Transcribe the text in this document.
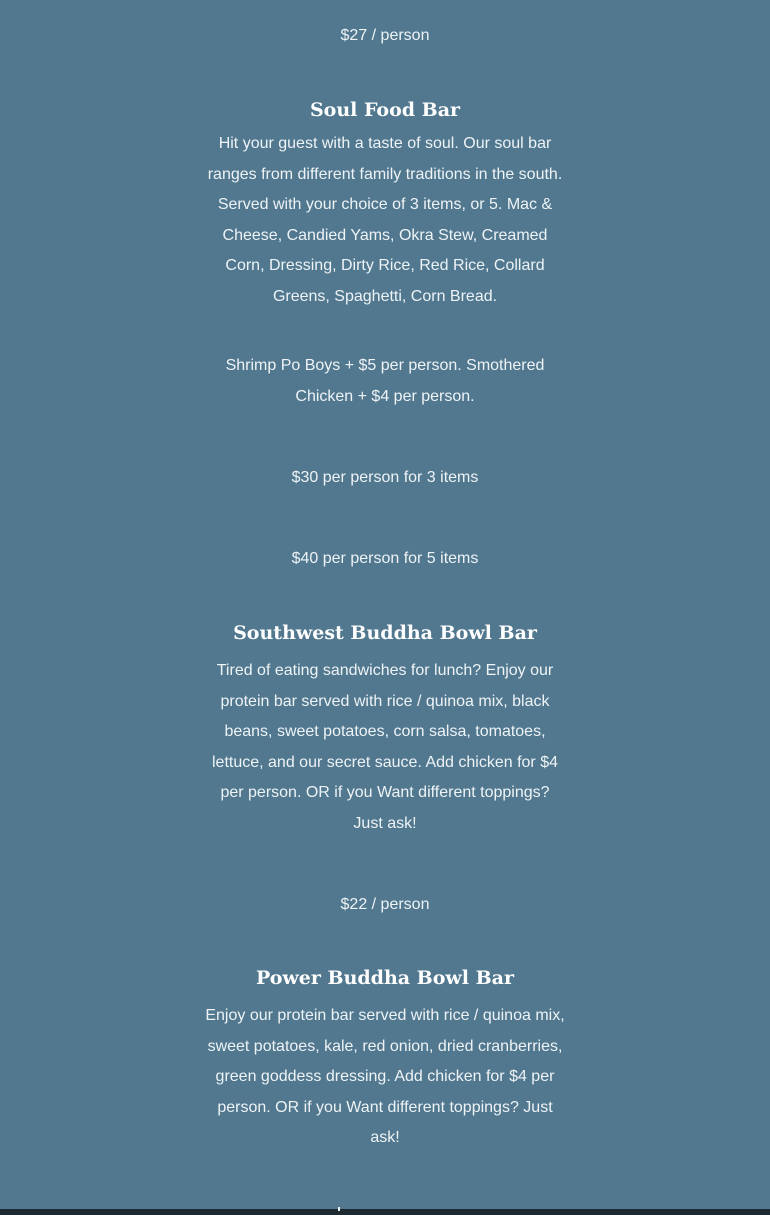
$27 / person
Soul Food Bar

Hit your guest with a taste of soul. Our soul bar ranges from different family traditions in the south. Served with your choice of 3 items, or 5. Mac & Cheese, Candied Yams, Okra Stew, Creamed Corn, Dressing, Dirty Rice, Red Rice, Collard Greens, Spaghetti, Corn Bread.

Shrimp Po Boys + $5 per person. Smothered Chicken + $4 per person.

$30 per person for 3 items
$40 per person for 5 items
Southwest Buddha Bowl Bar

Tired of eating sandwiches for lunch? Enjoy our protein bar served with rice / quinoa mix, black beans, sweet potatoes, corn salsa, tomatoes, lettuce, and our secret sauce. Add chicken for $4 per person. OR if you Want different toppings? Just ask!

$22 / person
Power Buddha Bowl Bar

Enjoy our protein bar served with rice / quinoa mix, sweet potatoes, kale, red onion, dried cranberries, green goddess dressing. Add chicken for $4 per person. OR if you Want different toppings? Just ask!
